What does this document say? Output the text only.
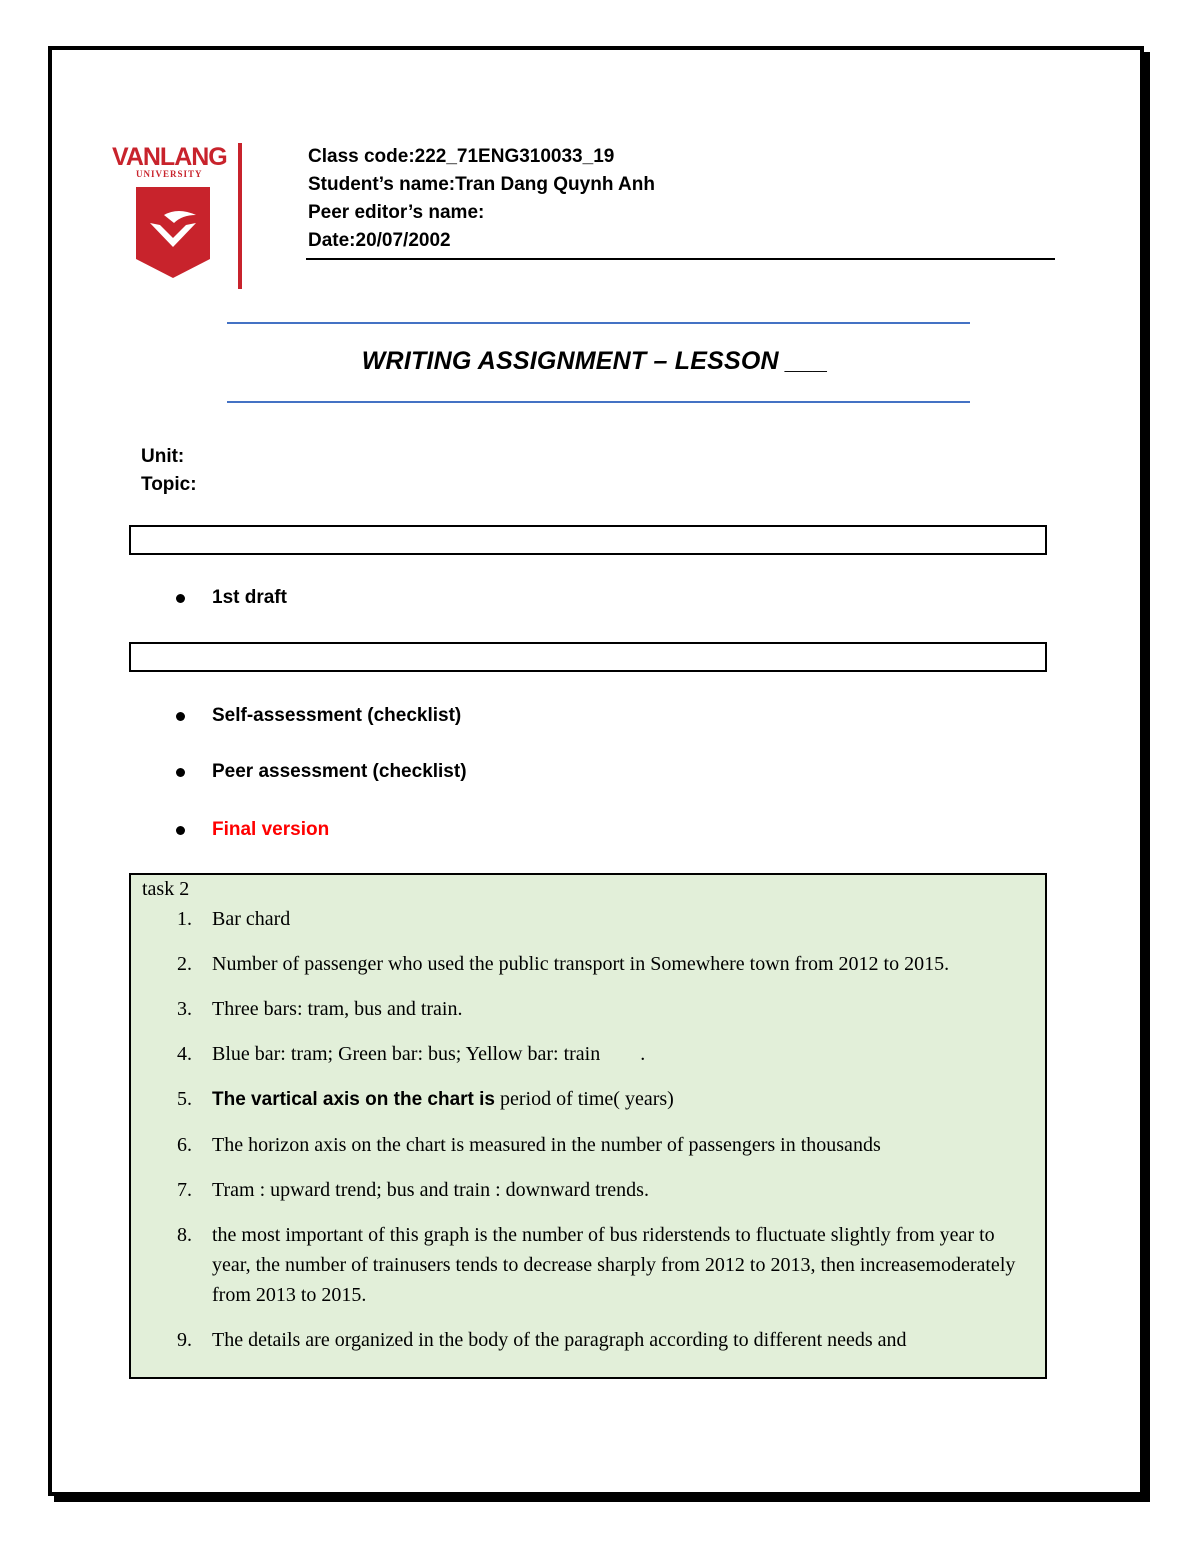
VANLANG
UNIVERSITY
Class code:222_71ENG310033_19
Student’s name:Tran Dang Quynh Anh
Peer editor’s name:
Date:20/07/2002
WRITING ASSIGNMENT – LESSON ___
Unit:
Topic:
1st draft
Self-assessment (checklist)
Peer assessment (checklist)
Final version
task 2
1. Bar chard
2. Number of passenger who used the public transport in Somewhere town from 2012 to 2015.
3. Three bars: tram, bus and train.
4. Blue bar: tram; Green bar: bus; Yellow bar: train        .
5. The vartical axis on the chart is period of time( years)
6. The horizon axis on the chart is measured in the number of passengers in thousands
7. Tram : upward trend; bus and train : downward trends.
8. the most important of this graph is the number of bus riderstends to fluctuate slightly from year to year, the number of trainusers tends to decrease sharply from 2012 to 2013, then increasemoderately from 2013 to 2015.
9. The details are organized in the body of the paragraph according to different needs and
